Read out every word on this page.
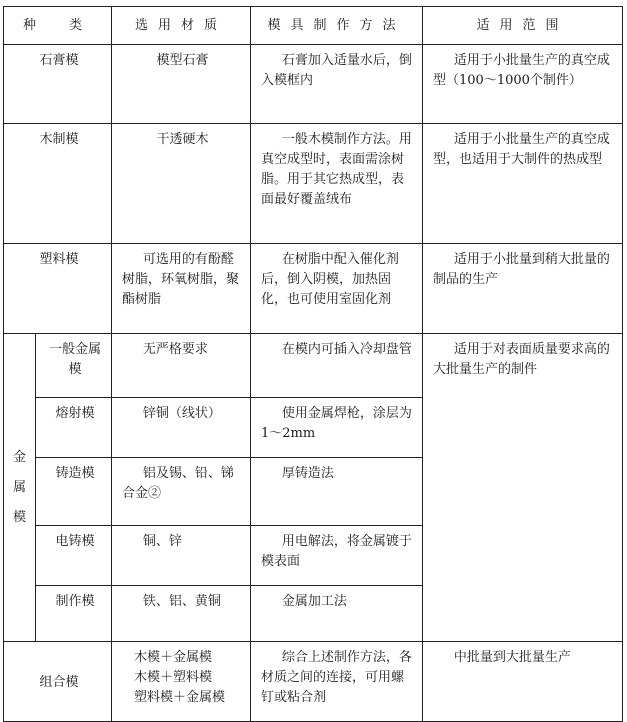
种　类		选用材质	模具制作方法	适用范围
石膏模		模型石膏	石膏加入适量水后，倒入模框内	适用于小批量生产的真空成型（100～1000个制件）

木制模		干透硬木	一般木模制作方法。用真空成型时，表面需涂树脂。用于其它热成型，表面最好覆盖绒布	适用于小批量生产的真空成型，也适用于大制件的热成型

塑料模		可选用的有酚醛树脂，环氧树脂，聚酯树脂	在树脂中配入催化剂后，倒入阴模，加热固化，也可使用室固化剂	适用于小批量到稍大批量的制品的生产

金属模	一般金属模	无严格要求	在模内可插入冷却盘管	适用于对表面质量要求高的大批量生产的制件

	熔射模	锌铜（线状）	使用金属焊枪，涂层为1～2mm	

	铸造模	铝及锡、铅、锑合金②	厚铸造法	

	电铸模	铜、锌	用电解法，将金属镀于模表面	

	制作模	铁、铝、黄铜	金属加工法	

组合模		木模＋金属模
木模＋塑料模
塑料模＋金属模	综合上述制作方法，各材质之间的连接，可用螺钉或粘合剂	中批量到大批量生产
